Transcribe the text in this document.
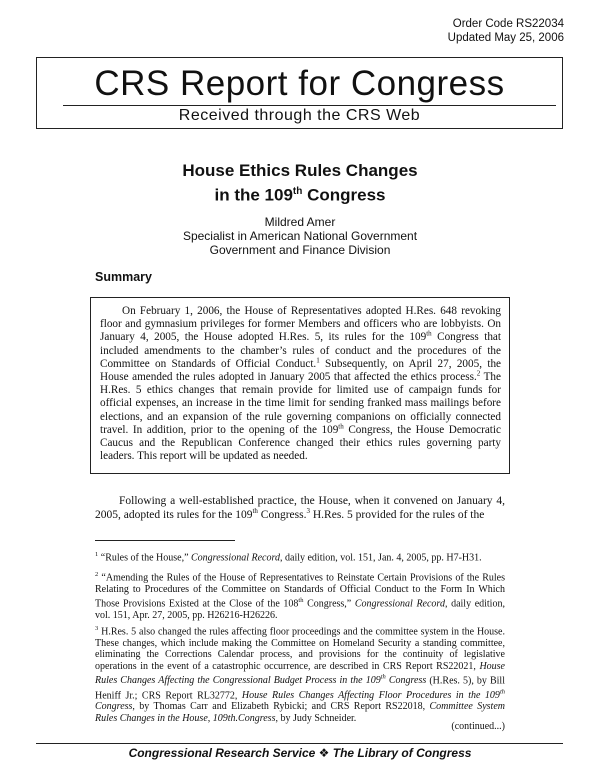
Order Code RS22034
Updated May 25, 2006
CRS Report for Congress
Received through the CRS Web
House Ethics Rules Changes
in the 109th Congress
Mildred Amer
Specialist in American National Government
Government and Finance Division
Summary

On February 1, 2006, the House of Representatives adopted H.Res. 648 revoking floor and gymnasium privileges for former Members and officers who are lobbyists. On January 4, 2005, the House adopted H.Res. 5, its rules for the 109th Congress that included amendments to the chamber’s rules of conduct and the procedures of the Committee on Standards of Official Conduct.$^1$ Subsequently, on April 27, 2005, the House amended the rules adopted in January 2005 that affected the ethics process.$^2$ The H.Res. 5 ethics changes that remain provide for limited use of campaign funds for official expenses, an increase in the time limit for sending franked mass mailings before elections, and an expansion of the rule governing companions on officially connected travel. In addition, prior to the opening of the 109th Congress, the House Democratic Caucus and the Republican Conference changed their ethics rules governing party leaders. This report will be updated as needed.

Following a well-established practice, the House, when it convened on January 4, 2005, adopted its rules for the 109th Congress.$^3$ H.Res. 5 provided for the rules of the

$^1$ “Rules of the House,” Congressional Record, daily edition, vol. 151, Jan. 4, 2005, pp. H7-H31.

$^2$ “Amending the Rules of the House of Representatives to Reinstate Certain Provisions of the Rules Relating to Procedures of the Committee on Standards of Official Conduct to the Form In Which Those Provisions Existed at the Close of the 108th Congress,” Congressional Record, daily edition, vol. 151, Apr. 27, 2005, pp. H26216-H26226.

$^3$ H.Res. 5 also changed the rules affecting floor proceedings and the committee system in the House. These changes, which include making the Committee on Homeland Security a standing committee, eliminating the Corrections Calendar process, and provisions for the continuity of legislative operations in the event of a catastrophic occurrence, are described in CRS Report RS22021, House Rules Changes Affecting the Congressional Budget Process in the 109th Congress (H.Res. 5), by Bill Heniff Jr.; CRS Report RL32772, House Rules Changes Affecting Floor Procedures in the 109th Congress, by Thomas Carr and Elizabeth Rybicki; and CRS Report RS22018, Committee System Rules Changes in the House, 109th.Congress, by Judy Schneider.

(continued...)
Congressional Research Service ❖ The Library of Congress
